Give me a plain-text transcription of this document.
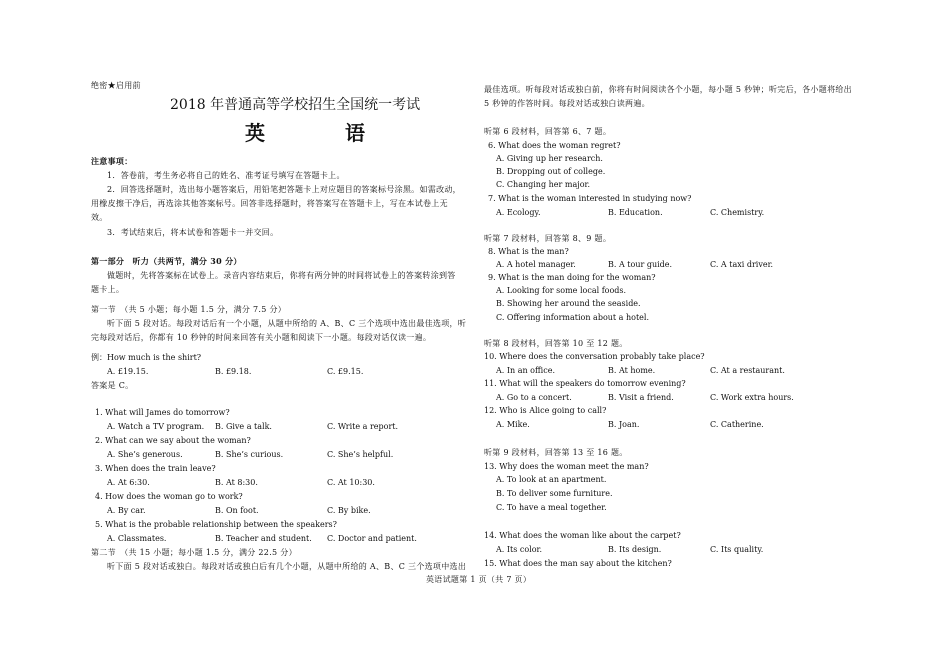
绝密★启用前
2018 年普通高等学校招生全国统一考试
英　语
注意事项：
1．答卷前，考生务必将自己的姓名、准考证号填写在答题卡上。
2．回答选择题时，选出每小题答案后，用铅笔把答题卡上对应题目的答案标号涂黑。如需改动，
用橡皮擦干净后，再选涂其他答案标号。回答非选择题时，将答案写在答题卡上，写在本试卷上无
效。
3．考试结束后，将本试卷和答题卡一并交回。
第一部分　听力（共两节，满分 30 分）
做题时，先将答案标在试卷上。录音内容结束后，你将有两分钟的时间将试卷上的答案转涂到答
题卡上。
第一节　（共 5 小题；每小题 1.5 分，满分 7.5 分）
听下面 5 段对话。每段对话后有一个小题，从题中所给的 A、B、C 三个选项中选出最佳选项，听
完每段对话后，你都有 10 秒钟的时间来回答有关小题和阅读下一小题。每段对话仅读一遍。
例：How much is the shirt?
A. £19.15.	B. £9.18.	C. £9.15.
答案是 C。
1. What will James do tomorrow?
A. Watch a TV program. B. Give a talk.	C. Write a report.
2. What can we say about the woman?
A. She’s generous.	B. She’s curious.	C. She’s helpful.
3. When does the train leave?
A. At 6:30.	B. At 8:30.	C. At 10:30.
4. How does the woman go to work?
A. By car.	B. On foot.	C. By bike.
5. What is the probable relationship between the speakers?
A. Classmates.	B. Teacher and student. C. Doctor and patient.
第二节　（共 15 小题；每小题 1.5 分，满分 22.5 分）
听下面 5 段对话或独白。每段对话或独白后有几个小题，从题中所给的 A、B、C 三个选项中选出
最佳选项。听每段对话或独白前，你将有时间阅读各个小题，每小题 5 秒钟；听完后，各小题将给出
5 秒钟的作答时间。每段对话或独白读两遍。
听第 6 段材料，回答第 6、7 题。
6. What does the woman regret?
A. Giving up her research.
B. Dropping out of college.
C. Changing her major.
7. What is the woman interested in studying now?
A. Ecology.	B. Education.	C. Chemistry.
听第 7 段材料，回答第 8、9 题。
8. What is the man?
A. A hotel manager.	B. A tour guide.	C. A taxi driver.
9. What is the man doing for the woman?
A. Looking for some local foods.
B. Showing her around the seaside.
C. Offering information about a hotel.
听第 8 段材料，回答第 10 至 12 题。
10. Where does the conversation probably take place?
A. In an office.	B. At home.	C. At a restaurant.
11. What will the speakers do tomorrow evening?
A. Go to a concert.	B. Visit a friend.	C. Work extra hours.
12. Who is Alice going to call?
A. Mike.	B. Joan.	C. Catherine.
听第 9 段材料，回答第 13 至 16 题。
13. Why does the woman meet the man?
A. To look at an apartment.
B. To deliver some furniture.
C. To have a meal together.
14. What does the woman like about the carpet?
A. Its color.	B. Its design.	C. Its quality.
15. What does the man say about the kitchen?
英语试题第 1 页（共 7 页）
